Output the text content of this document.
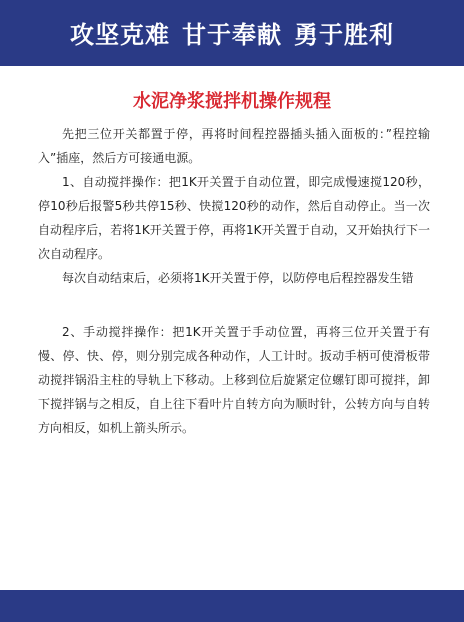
攻坚克难 甘于奉献 勇于胜利
水泥净浆搅拌机操作规程

先把三位开关都置于停，再将时间程控器插头插入面板的：”程控输入”插座，然后方可接通电源。

1、自动搅拌操作：把1K开关置于自动位置，即完成慢速搅120秒，停10秒后报警5秒共停15秒、快搅120秒的动作，然后自动停止。当一次自动程序后，若将1K开关置于停，再将1K开关置于自动，又开始执行下一次自动程序。

每次自动结束后，必须将1K开关置于停，以防停电后程控器发生错

2、手动搅拌操作：把1K开关置于手动位置，再将三位开关置于有慢、停、快、停，则分别完成各种动作，人工计时。扳动手柄可使滑板带动搅拌锅沿主柱的导轨上下移动。上移到位后旋紧定位螺钉即可搅拌，卸下搅拌锅与之相反，自上往下看叶片自转方向为顺时针，公转方向与自转方向相反，如机上箭头所示。
